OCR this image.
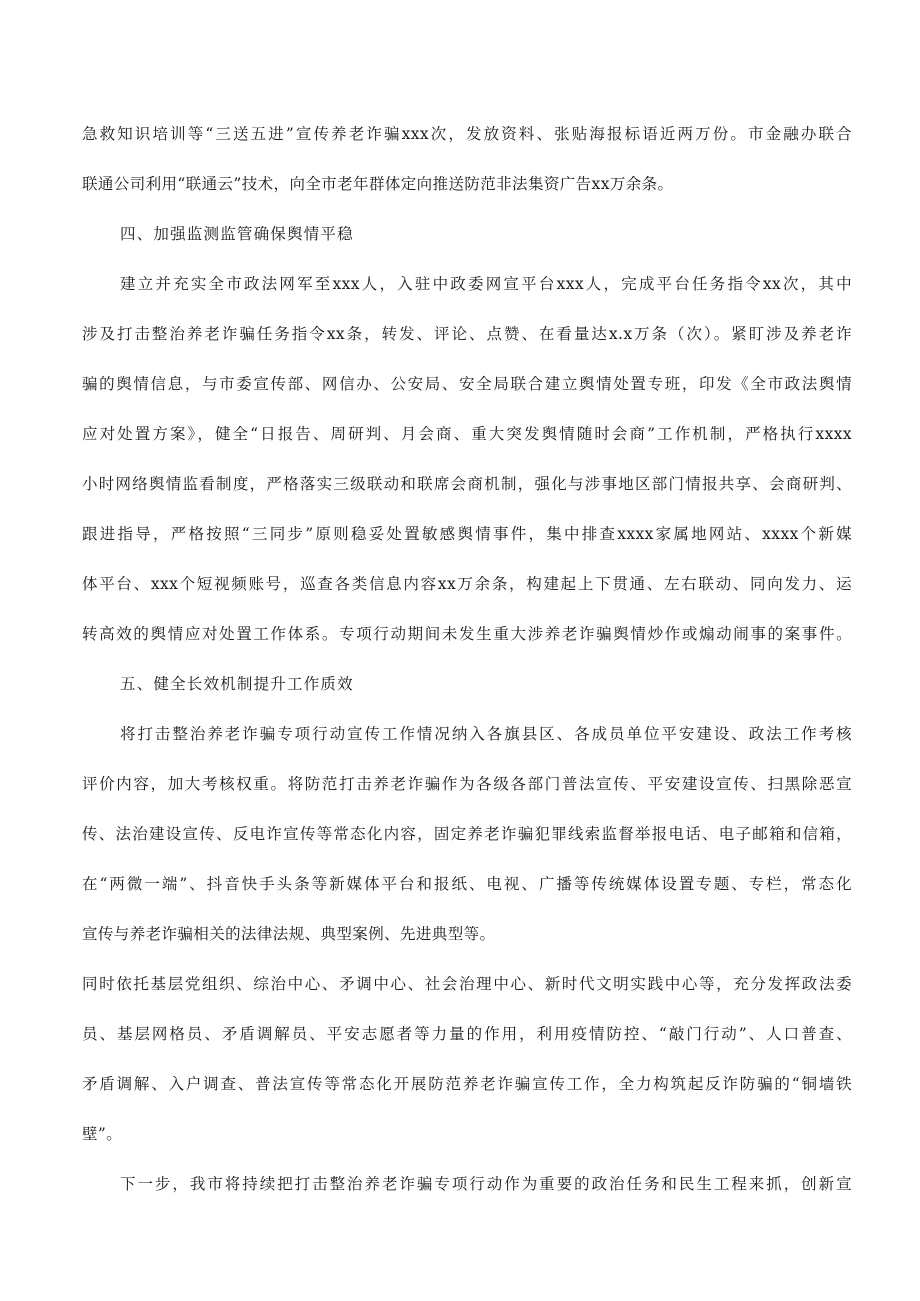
急救知识培训等“三送五进”宣传养老诈骗xxx次，发放资料、张贴海报标语近两万份。市金融办联合
联通公司利用“联通云”技术，向全市老年群体定向推送防范非法集资广告xx万余条。
四、加强监测监管确保舆情平稳
建立并充实全市政法网军至xxx人，入驻中政委网宣平台xxx人，完成平台任务指令xx次，其中
涉及打击整治养老诈骗任务指令xx条，转发、评论、点赞、在看量达x.x万条（次）。紧盯涉及养老诈
骗的舆情信息，与市委宣传部、网信办、公安局、安全局联合建立舆情处置专班，印发《全市政法舆情
应对处置方案》，健全“日报告、周研判、月会商、重大突发舆情随时会商”工作机制，严格执行xxxx
小时网络舆情监看制度，严格落实三级联动和联席会商机制，强化与涉事地区部门情报共享、会商研判、
跟进指导，严格按照“三同步”原则稳妥处置敏感舆情事件，集中排查xxxx家属地网站、xxxx个新媒
体平台、xxx个短视频账号，巡查各类信息内容xx万余条，构建起上下贯通、左右联动、同向发力、运
转高效的舆情应对处置工作体系。专项行动期间未发生重大涉养老诈骗舆情炒作或煽动闹事的案事件。
五、健全长效机制提升工作质效
将打击整治养老诈骗专项行动宣传工作情况纳入各旗县区、各成员单位平安建设、政法工作考核
评价内容，加大考核权重。将防范打击养老诈骗作为各级各部门普法宣传、平安建设宣传、扫黑除恶宣
传、法治建设宣传、反电诈宣传等常态化内容，固定养老诈骗犯罪线索监督举报电话、电子邮箱和信箱，
在“两微一端”、抖音快手头条等新媒体平台和报纸、电视、广播等传统媒体设置专题、专栏，常态化
宣传与养老诈骗相关的法律法规、典型案例、先进典型等。
同时依托基层党组织、综治中心、矛调中心、社会治理中心、新时代文明实践中心等，充分发挥政法委
员、基层网格员、矛盾调解员、平安志愿者等力量的作用，利用疫情防控、“敲门行动”、人口普查、
矛盾调解、入户调查、普法宣传等常态化开展防范养老诈骗宣传工作，全力构筑起反诈防骗的“铜墙铁
壁”。
下一步，我市将持续把打击整治养老诈骗专项行动作为重要的政治任务和民生工程来抓，创新宣
